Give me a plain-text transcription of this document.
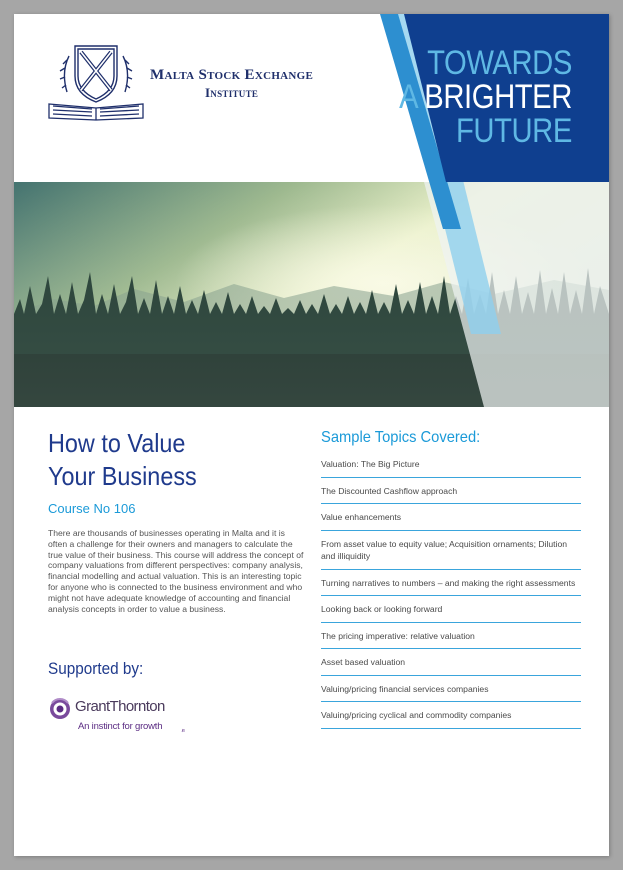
Malta Stock Exchange
Institute
TOWARDS
A BRIGHTER
FUTURE
How to Value
Your Business
Course No 106

There are thousands of businesses operating in Malta and it is often a challenge for their owners and managers to calculate the true value of their business. This course will address the concept of company valuations from different perspectives: company analysis, financial modelling and actual valuation. This is an interesting topic for anyone who is connected to the business environment and who might not have adequate knowledge of accounting and financial analysis concepts in order to value a business.

Supported by:
GrantThornton
An instinct for growth
Sample Topics Covered:
Valuation: The Big Picture
The Discounted Cashflow approach
Value enhancements
From asset value to equity value; Acquisition ornaments; Dilution and illiquidity
Turning narratives to numbers – and making the right assessments
Looking back or looking forward
The pricing imperative: relative valuation
Asset based valuation
Valuing/pricing financial services companies
Valuing/pricing cyclical and commodity companies
